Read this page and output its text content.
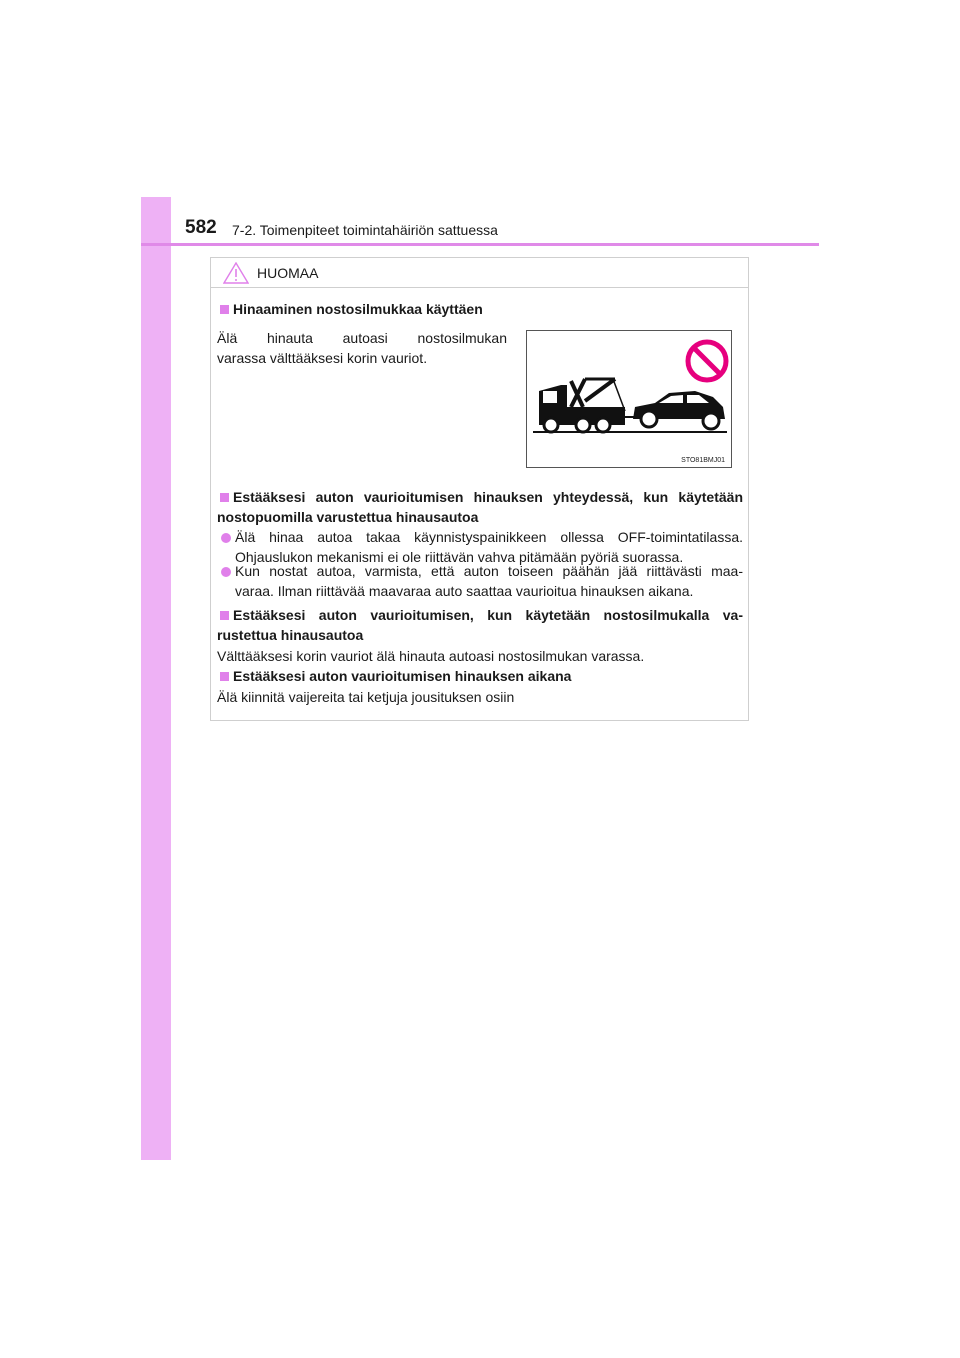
582 7-2. Toimenpiteet toimintahäiriön sattuessa
HUOMAA
Hinaaminen nostosilmukkaa käyttäen
Älä hinauta autoasi nostosilmukan
varassa välttääksesi korin vauriot.
STO81BMJ01
Estääksesi auton vaurioitumisen hinauksen yhteydessä, kun käytetään
nostopuomilla varustettua hinausautoa
Älä hinaa autoa takaa käynnistyspainikkeen ollessa OFF-toimintatilassa.
Ohjauslukon mekanismi ei ole riittävän vahva pitämään pyöriä suorassa.
Kun nostat autoa, varmista, että auton toiseen päähän jää riittävästi maa-
varaa. Ilman riittävää maavaraa auto saattaa vaurioitua hinauksen aikana.
Estääksesi auton vaurioitumisen, kun käytetään nostosilmukalla va-
rustettua hinausautoa
Välttääksesi korin vauriot älä hinauta autoasi nostosilmukan varassa.
Estääksesi auton vaurioitumisen hinauksen aikana
Älä kiinnitä vaijereita tai ketjuja jousituksen osiin
